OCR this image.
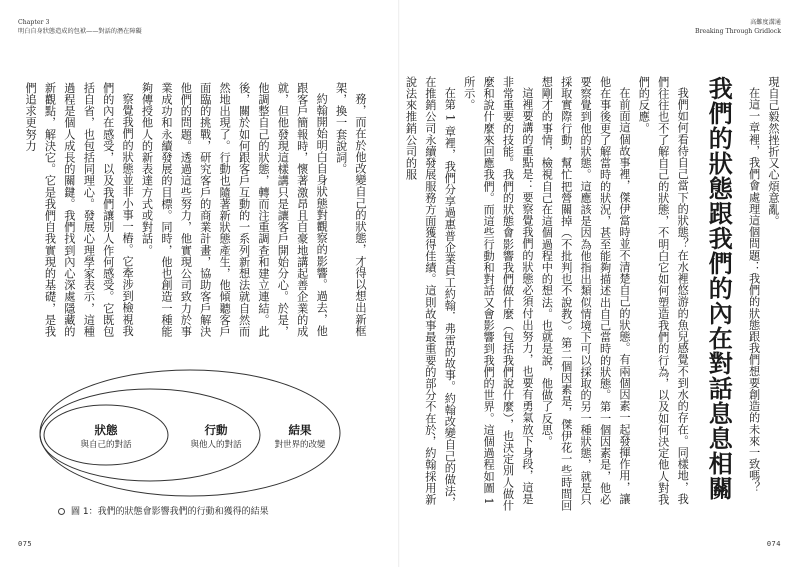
Chapter 3
明白自身狀態造成的包袱——對話的潛在障礙

務，而在於他改變自己的狀態，才得以想出新框架，換一套說詞。

約翰開始明白自身狀態對觀察的影響。過去，他跟客戶簡報時，懷著激昂且自豪地講起善企業的成就，但他發現這樣講只是讓客戶開始分心。於是，他調整自己的狀態，轉而注重調查和建立連結。此後，關於如何跟客戶互動的一系列新想法就自然而然地出現了。行動也隨著新狀態產生，他傾聽客戶面臨的挑戰，研究客戶的商業計畫，協助客戶解決他們的問題。透過這些努力，他實現公司致力於事業成功和永續發展的目標。同時，他也創造一種能夠傳授他人的新表達方式或對話。

察覺我們的狀態並非小事一樁。它牽涉到檢視我們的內在感受，以及我們讓別人作何感受。它既包括自省，也包括同理心。發展心理學家表示，這種過程是個人成長的關鍵。我們找到內心深處隱藏的新觀點，解決它。它是我們自我實現的基礎，是我們追求更努力

狀態
與自己的對話
行動
與他人的對話
結果
對世界的改變
圖 1：我們的狀態會影響我們的行動和獲得的結果
075
高難度溝通
Breaking Through Gridlock

現自己毅然挫折又心煩意亂。

在這一章裡，我們會處理這個問題：我們的狀態跟我們想要創造的未來一致嗎？

我們的狀態跟我們的內在對話息息相關

我們如何看待自己當下的狀態？在水裡悠游的魚兒感覺不到水的存在。同樣地，我們往往也不了解自己的狀態，不明白它如何塑造我們的行為，以及如何決定他人對我們的反應。

在前面這個故事裡，傑伊當時並不清楚自己的狀態。有兩個因素一起發揮作用，讓他在事後更了解當時的狀況，甚至能夠描述出自己當時的狀態。第一個因素是，他必要察覺到他的狀態。這應該是因為他指出類似情境下可以採取的另一種狀態，就是只採取實際行動，幫忙把營關掉（不批判也不說教）。第二個因素是，傑伊花一些時間回想剛才的事情，檢視自己在這個過程中的想法。也就是說，他做了反思。

這裡要講的重點是：要察覺我們的狀態必須付出努力，也要有勇氣放下身段，這是非常重要的技能。我們的狀態會影響我們做什麼（包括我們說什麼），也決定別人做什麼和說什麼來回應我們。而這些行動和對話又會影響到我們的世界。這個過程如圖 1 所示。

在第 1 章裡，我們分享過惠普企業員工約翰．弗雷的故事。約翰改變自己的做法，在推銷公司永續發展服務方面獲得佳績。這則故事最重要的部分不在於，約翰採用新說法來推銷公司的服

074
